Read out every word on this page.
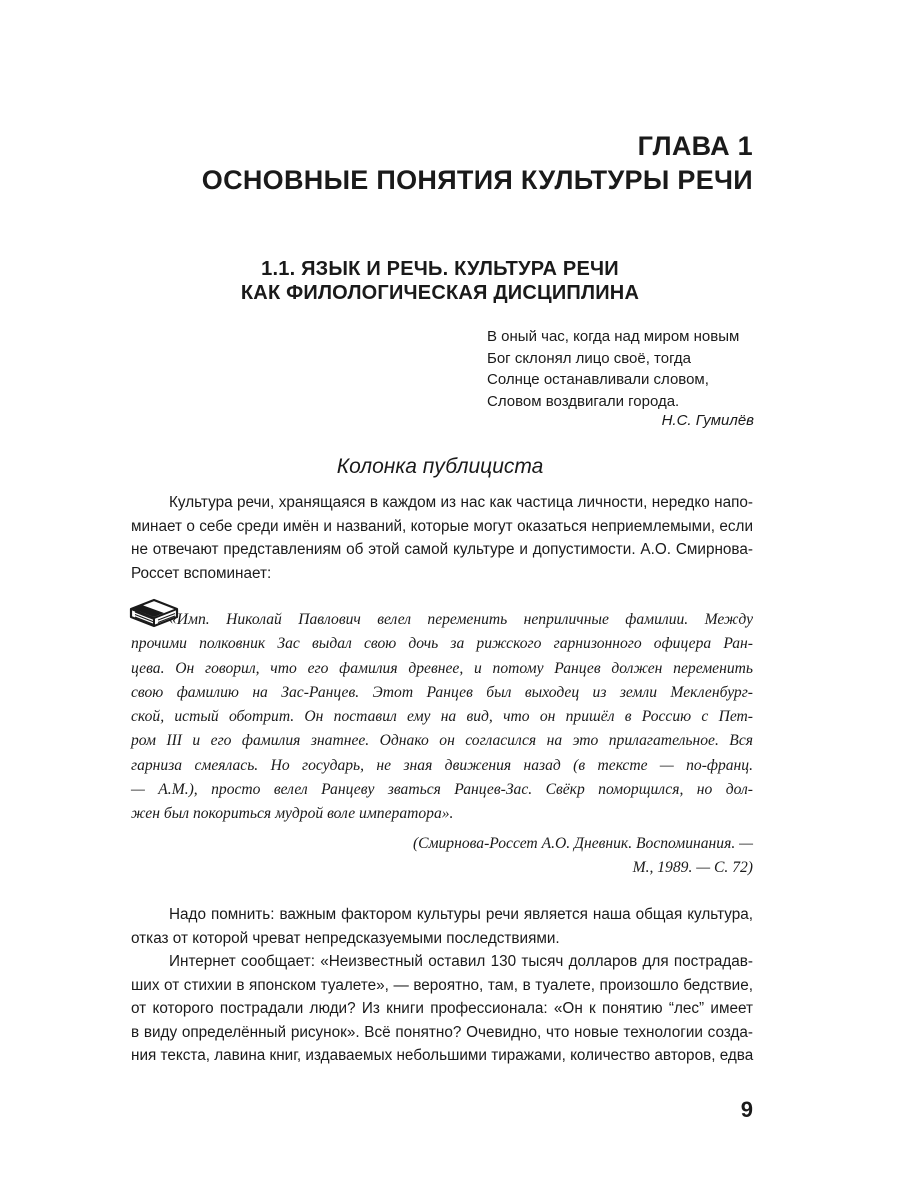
ГЛАВА 1
ОСНОВНЫЕ ПОНЯТИЯ КУЛЬТУРЫ РЕЧИ
1.1. ЯЗЫК И РЕЧЬ. КУЛЬТУРА РЕЧИ
КАК ФИЛОЛОГИЧЕСКАЯ ДИСЦИПЛИНА
В оный час, когда над миром новым
Бог склонял лицо своё, тогда
Солнце останавливали словом,
Словом воздвигали города.
Н.С. Гумилёв
Колонка публициста
Культура речи, хранящаяся в каждом из нас как частица личности, нередко напо-
минает о себе среди имён и названий, которые могут оказаться неприемлемыми, если
не отвечают представлениям об этой самой культуре и допустимости. А.О. Смирнова-
Россет вспоминает:
«Имп. Николай Павлович велел переменить неприличные фамилии. Между
прочими полковник Зас выдал свою дочь за рижского гарнизонного офицера Ран-
цева. Он говорил, что его фамилия древнее, и потому Ранцев должен переменить
свою фамилию на Зас-Ранцев. Этот Ранцев был выходец из земли Мекленбург-
ской, истый оботрит. Он поставил ему на вид, что он пришёл в Россию с Пет-
ром III и его фамилия знатнее. Однако он согласился на это прилагательное. Вся
гарниза смеялась. Но государь, не зная движения назад (в тексте — по-франц.
— А.М.), просто велел Ранцеву зваться Ранцев-Зас. Свёкр поморщился, но дол-
жен был покориться мудрой воле императора».
(Смирнова-Россет А.О. Дневник. Воспоминания. —
М., 1989. — С. 72)
Надо помнить: важным фактором культуры речи является наша общая культура,
отказ от которой чреват непредсказуемыми последствиями.
Интернет сообщает: «Неизвестный оставил 130 тысяч долларов для пострадав-
ших от стихии в японском туалете», — вероятно, там, в туалете, произошло бедствие,
от которого пострадали люди? Из книги профессионала: «Он к понятию “лес” имеет
в виду определённый рисунок». Всё понятно? Очевидно, что новые технологии созда-
ния текста, лавина книг, издаваемых небольшими тиражами, количество авторов, едва
9
